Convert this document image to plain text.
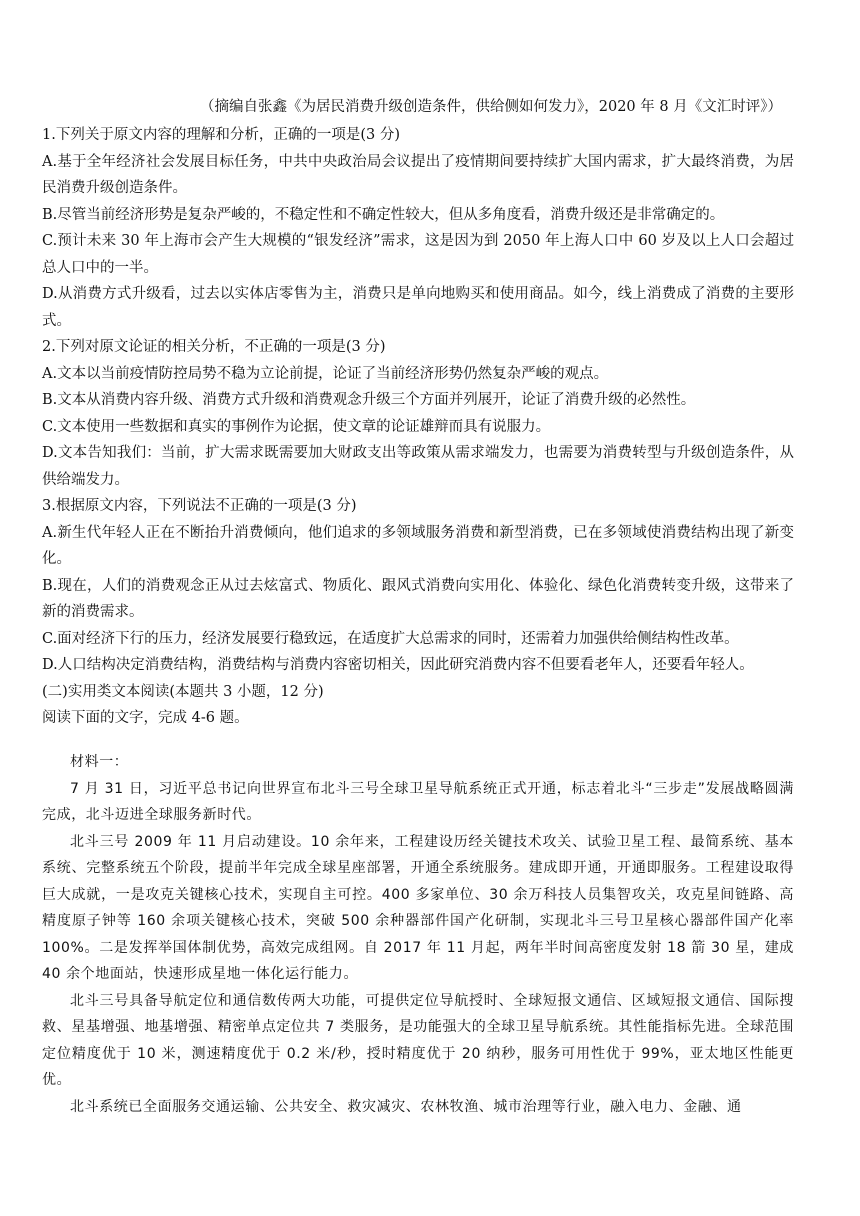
（摘编自张鑫《为居民消费升级创造条件，供给侧如何发力》，2020 年 8 月《文汇时评》）

1.下列关于原文内容的理解和分析，正确的一项是(3 分)

A.基于全年经济社会发展目标任务，中共中央政治局会议提出了疫情期间要持续扩大国内需求，扩大最终消费，为居民消费升级创造条件。

B.尽管当前经济形势是复杂严峻的，不稳定性和不确定性较大，但从多角度看，消费升级还是非常确定的。

C.预计未来 30 年上海市会产生大规模的“银发经济”需求，这是因为到 2050 年上海人口中 60 岁及以上人口会超过总人口中的一半。

D.从消费方式升级看，过去以实体店零售为主，消费只是单向地购买和使用商品。如今，线上消费成了消费的主要形式。

2.下列对原文论证的相关分析，不正确的一项是(3 分)

A.文本以当前疫情防控局势不稳为立论前提，论证了当前经济形势仍然复杂严峻的观点。

B.文本从消费内容升级、消费方式升级和消费观念升级三个方面并列展开，论证了消费升级的必然性。

C.文本使用一些数据和真实的事例作为论据，使文章的论证雄辩而具有说服力。

D.文本告知我们：当前，扩大需求既需要加大财政支出等政策从需求端发力，也需要为消费转型与升级创造条件，从供给端发力。

3.根据原文内容，下列说法不正确的一项是(3 分)

A.新生代年轻人正在不断抬升消费倾向，他们追求的多领域服务消费和新型消费，已在多领域使消费结构出现了新变化。

B.现在，人们的消费观念正从过去炫富式、物质化、跟风式消费向实用化、体验化、绿色化消费转变升级，这带来了新的消费需求。

C.面对经济下行的压力，经济发展要行稳致远，在适度扩大总需求的同时，还需着力加强供给侧结构性改革。

D.人口结构决定消费结构，消费结构与消费内容密切相关，因此研究消费内容不但要看老年人，还要看年轻人。

(二)实用类文本阅读(本题共 3 小题，12 分)

阅读下面的文字，完成 4-6 题。

材料一：

7 月 31 日，习近平总书记向世界宣布北斗三号全球卫星导航系统正式开通，标志着北斗“三步走”发展战略圆满完成，北斗迈进全球服务新时代。

北斗三号 2009 年 11 月启动建设。10 余年来，工程建设历经关键技术攻关、试验卫星工程、最简系统、基本系统、完整系统五个阶段，提前半年完成全球星座部署，开通全系统服务。建成即开通，开通即服务。工程建设取得巨大成就，一是攻克关键核心技术，实现自主可控。400 多家单位、30 余万科技人员集智攻关，攻克星间链路、高精度原子钟等 160 余项关键核心技术，突破 500 余种器部件国产化研制，实现北斗三号卫星核心器部件国产化率 100%。二是发挥举国体制优势，高效完成组网。自 2017 年 11 月起，两年半时间高密度发射 18 箭 30 星，建成 40 余个地面站，快速形成星地一体化运行能力。

北斗三号具备导航定位和通信数传两大功能，可提供定位导航授时、全球短报文通信、区域短报文通信、国际搜救、星基增强、地基增强、精密单点定位共 7 类服务，是功能强大的全球卫星导航系统。其性能指标先进。全球范围定位精度优于 10 米，测速精度优于 0.2 米/秒，授时精度优于 20 纳秒，服务可用性优于 99%，亚太地区性能更优。

北斗系统已全面服务交通运输、公共安全、救灾减灾、农林牧渔、城市治理等行业，融入电力、金融、通
